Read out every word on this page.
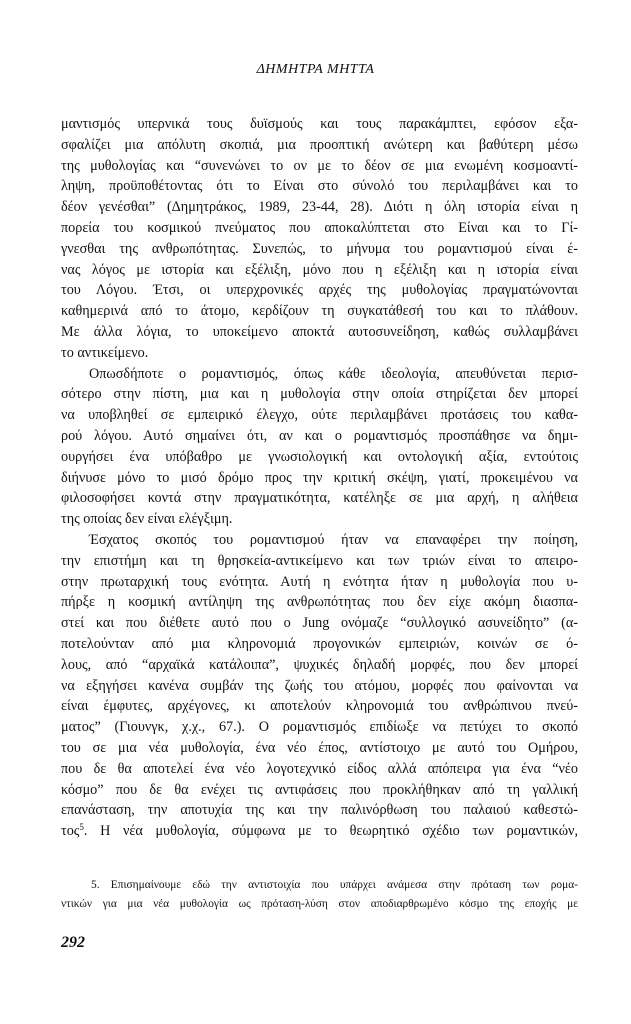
ΔΗΜΗΤΡΑ ΜΗΤΤΑ
μαντισμός υπερνικά τους δυϊσμούς και τους παρακάμπτει, εφόσον εξα-
σφαλίζει μια απόλυτη σκοπιά, μια προοπτική ανώτερη και βαθύτερη μέσω
της μυθολογίας και “συνενώνει το ον με το δέον σε μια ενωμένη κοσμοαντί-
ληψη, προϋποθέτοντας ότι το Είναι στο σύνολό του περιλαμβάνει και το
δέον γενέσθαι” (Δημητράκος, 1989, 23-44, 28). Διότι η όλη ιστορία είναι η
πορεία του κοσμικού πνεύματος που αποκαλύπτεται στο Είναι και το Γί-
γνεσθαι της ανθρωπότητας. Συνεπώς, το μήνυμα του ρομαντισμού είναι έ-
νας λόγος με ιστορία και εξέλιξη, μόνο που η εξέλιξη και η ιστορία είναι
του Λόγου. Έτσι, οι υπερχρονικές αρχές της μυθολογίας πραγματώνονται
καθημερινά από το άτομο, κερδίζουν τη συγκατάθεσή του και το πλάθουν.
Με άλλα λόγια, το υποκείμενο αποκτά αυτοσυνείδηση, καθώς συλλαμβάνει
το αντικείμενο.
Οπωσδήποτε ο ρομαντισμός, όπως κάθε ιδεολογία, απευθύνεται περισ-
σότερο στην πίστη, μια και η μυθολογία στην οποία στηρίζεται δεν μπορεί
να υποβληθεί σε εμπειρικό έλεγχο, ούτε περιλαμβάνει προτάσεις του καθα-
ρού λόγου. Αυτό σημαίνει ότι, αν και ο ρομαντισμός προσπάθησε να δημι-
ουργήσει ένα υπόβαθρο με γνωσιολογική και οντολογική αξία, εντούτοις
διήνυσε μόνο το μισό δρόμο προς την κριτική σκέψη, γιατί, προκειμένου να
φιλοσοφήσει κοντά στην πραγματικότητα, κατέληξε σε μια αρχή, η αλήθεια
της οποίας δεν είναι ελέγξιμη.
Έσχατος σκοπός του ρομαντισμού ήταν να επαναφέρει την ποίηση,
την επιστήμη και τη θρησκεία-αντικείμενο και των τριών είναι το απειρο-
στην πρωταρχική τους ενότητα. Αυτή η ενότητα ήταν η μυθολογία που υ-
πήρξε η κοσμική αντίληψη της ανθρωπότητας που δεν είχε ακόμη διασπα-
στεί και που διέθετε αυτό που ο Jung ονόμαζε “συλλογικό ασυνείδητο” (α-
ποτελούνταν από μια κληρονομιά προγονικών εμπειριών, κοινών σε ό-
λους, από “αρχαϊκά κατάλοιπα”, ψυχικές δηλαδή μορφές, που δεν μπορεί
να εξηγήσει κανένα συμβάν της ζωής του ατόμου, μορφές που φαίνονται να
είναι έμφυτες, αρχέγονες, κι αποτελούν κληρονομιά του ανθρώπινου πνεύ-
ματος” (Γιουνγκ, χ.χ., 67.). Ο ρομαντισμός επιδίωξε να πετύχει το σκοπό
του σε μια νέα μυθολογία, ένα νέο έπος, αντίστοιχο με αυτό του Ομήρου,
που δε θα αποτελεί ένα νέο λογοτεχνικό είδος αλλά απόπειρα για ένα “νέο
κόσμο” που δε θα ενέχει τις αντιφάσεις που προκλήθηκαν από τη γαλλική
επανάσταση, την αποτυχία της και την παλινόρθωση του παλαιού καθεστώ-
τος$^5$. Η νέα μυθολογία, σύμφωνα με το θεωρητικό σχέδιο των ρομαντικών,
5. Επισημαίνουμε εδώ την αντιστοιχία που υπάρχει ανάμεσα στην πρόταση των ρομα-
ντικών για μια νέα μυθολογία ως πρόταση-λύση στον αποδιαρθρωμένο κόσμο της εποχής με
292
